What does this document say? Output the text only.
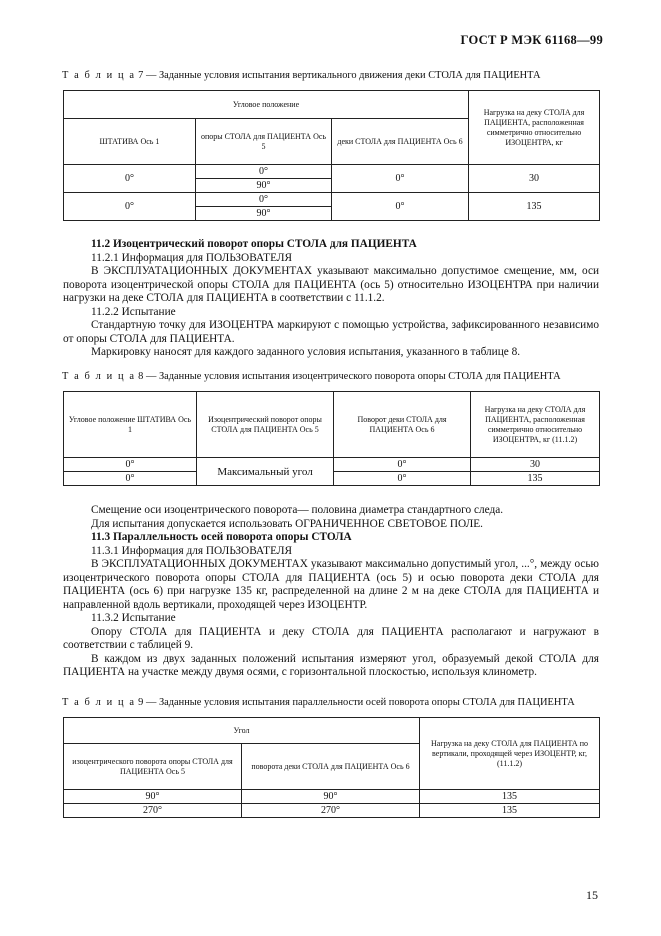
ГОСТ Р МЭК 61168—99
Т а б л и ц а 7 — Заданные условия испытания вертикального движения деки СТОЛА для ПАЦИЕНТА
Угловое положение			Нагрузка на деку СТОЛА для ПАЦИЕНТА, расположенная симметрично относительно ИЗОЦЕНТРА, кг
ШТАТИВА Ось 1	опоры СТОЛА для ПАЦИЕНТА Ось 5	деки СТОЛА для ПАЦИЕНТА Ось 6	
0°	0°	0°	30
	90°		
0°	0°	0°	135
	90°		

11.2 Изоцентрический поворот опоры СТОЛА для ПАЦИЕНТА

11.2.1 Информация для ПОЛЬЗОВАТЕЛЯ

В ЭКСПЛУАТАЦИОННЫХ ДОКУМЕНТАХ указывают максимально допустимое смещение, мм, оси поворота изоцентрической опоры СТОЛА для ПАЦИЕНТА (ось 5) относительно ИЗОЦЕНТРА при наличии нагрузки на деке СТОЛА для ПАЦИЕНТА в соответствии с 11.1.2.

11.2.2 Испытание

Стандартную точку для ИЗОЦЕНТРА маркируют с помощью устройства, зафиксированного независимо от опоры СТОЛА для ПАЦИЕНТА.

Маркировку наносят для каждого заданного условия испытания, указанного в таблице 8.

Т а б л и ц а 8 — Заданные условия испытания изоцентрического поворота опоры СТОЛА для ПАЦИЕНТА
Угловое положение ШТАТИВА Ось 1	Изоцентрический поворот опоры СТОЛА для ПАЦИЕНТА Ось 5	Поворот деки СТОЛА для ПАЦИЕНТА Ось 6	Нагрузка на деку СТОЛА для ПАЦИЕНТА, расположенная симметрично относительно ИЗОЦЕНТРА, кг (11.1.2)
0°	Максимальный угол	0°	30
0°		0°	135

Смещение оси изоцентрического поворота— половина диаметра стандартного следа.

Для испытания допускается использовать ОГРАНИЧЕННОЕ СВЕТОВОЕ ПОЛЕ.

11.3 Параллельность осей поворота опоры СТОЛА

11.3.1 Информация для ПОЛЬЗОВАТЕЛЯ

В ЭКСПЛУАТАЦИОННЫХ ДОКУМЕНТАХ указывают максимально допустимый угол, ...°, между осью изоцентрического поворота опоры СТОЛА для ПАЦИЕНТА (ось 5) и осью поворота деки СТОЛА для ПАЦИЕНТА (ось 6) при нагрузке 135 кг, распределенной на длине 2 м на деке СТОЛА для ПАЦИЕНТА и направленной вдоль вертикали, проходящей через ИЗОЦЕНТР.

11.3.2 Испытание

Опору СТОЛА для ПАЦИЕНТА и деку СТОЛА для ПАЦИЕНТА располагают и нагружают в соответствии с таблицей 9.

В каждом из двух заданных положений испытания измеряют угол, образуемый декой СТОЛА для ПАЦИЕНТА на участке между двумя осями, с горизонтальной плоскостью, используя клинометр.

Т а б л и ц а 9 — Заданные условия испытания параллельности осей поворота опоры СТОЛА для ПАЦИЕНТА
Угол		Нагрузка на деку СТОЛА для ПАЦИЕНТА по вертикали, проходящей через ИЗОЦЕНТР, кг, (11.1.2)
изоцентрического поворота опоры СТОЛА для ПАЦИЕНТА Ось 5	поворота деки СТОЛА для ПАЦИЕНТА Ось 6	
90°	90°	135
270°	270°	135
15
